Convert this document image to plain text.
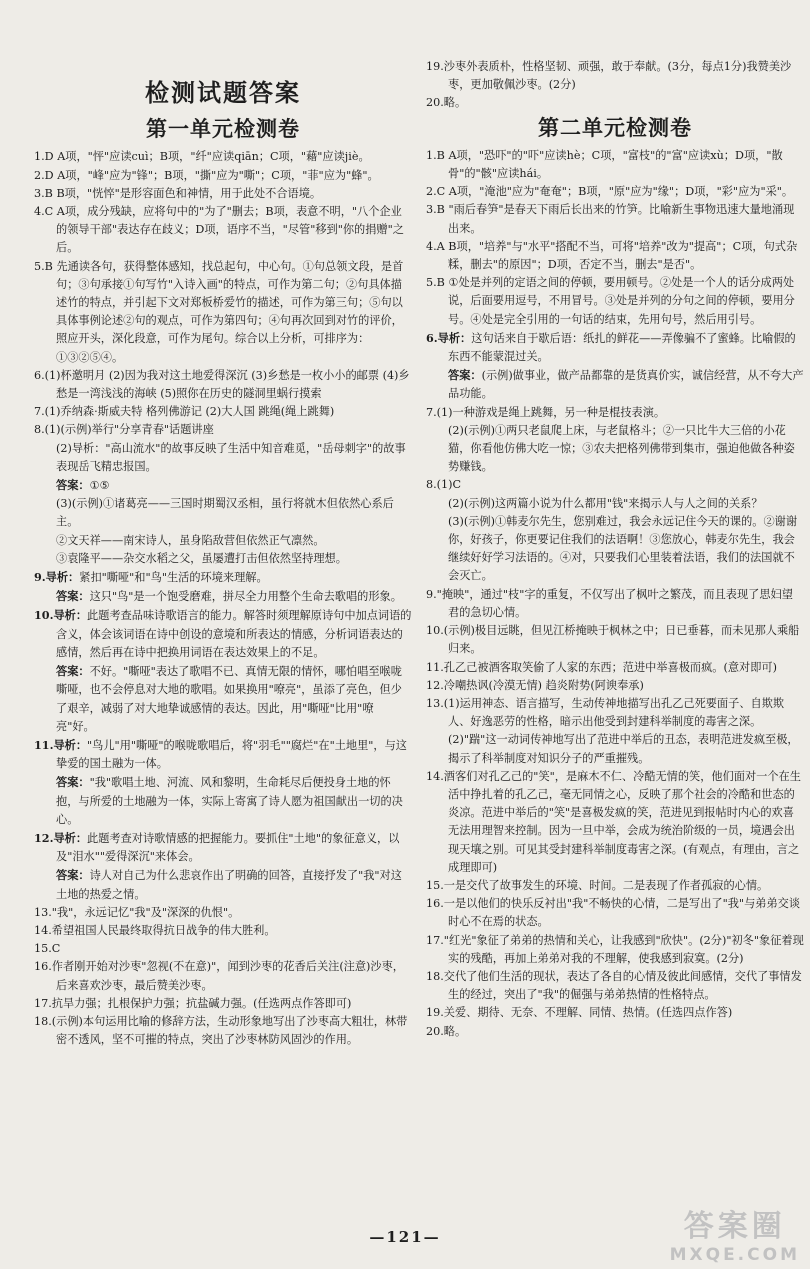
检测试题答案
第一单元检测卷

1.D A项，"怦"应读cuì；B项，"纤"应读qiān；C项，"藉"应读jiè。

2.D A项，"峰"应为"锋"；B项，"撕"应为"嘶"；C项，"菲"应为"蜂"。

3.B B项，"恍悴"是形容面色和神情，用于此处不合语境。

4.C A项，成分残缺，应将句中的"为了"删去；B项，表意不明，"八个企业的领导干部"表达存在歧义；D项，语序不当，"尽管"移到"你的捐赠"之后。

5.B 先通读各句，获得整体感知，找总起句，中心句。①句总领文段，是首句；③句承接①句写竹"入诗入画"的特点，可作为第二句；②句具体描述竹的特点，并引起下文对郑板桥爱竹的描述，可作为第三句；⑤句以具体事例论述②句的观点，可作为第四句；④句再次回到对竹的评价，照应开头，深化段意，可作为尾句。综合以上分析，可排序为：①③②⑤④。

6.(1)杯邀明月 (2)因为我对这土地爱得深沉 (3)乡愁是一枚小小的邮票 (4)乡愁是一湾浅浅的海峡 (5)照你在历史的隧洞里蜗行摸索

7.(1)乔纳森·斯威夫特 格列佛游记 (2)大人国 跳绳(绳上跳舞)

8.(1)(示例)举行"分享青春"话题讲座

(2)导析："高山流水"的故事反映了生活中知音难觅，"岳母刺字"的故事表现岳飞精忠报国。

答案：①⑤

(3)(示例)①诸葛亮——三国时期蜀汉丞相，虽行将就木但依然心系后主。

②文天祥——南宋诗人，虽身陷敌营但依然正气凛然。

③袁隆平——杂交水稻之父，虽屡遭打击但依然坚持理想。

9.导析：紧扣"嘶哑"和"鸟"生活的环境来理解。

答案：这只"鸟"是一个饱受磨难，拼尽全力用整个生命去歌唱的形象。

10.导析：此题考查品味诗歌语言的能力。解答时须理解原诗句中加点词语的含义，体会该词语在诗中创设的意境和所表达的情感，分析词语表达的感情，然后再在诗中把换用词语在表达效果上的不足。

答案：不好。"嘶哑"表达了歌唱不已、真情无限的情怀，哪怕唱至喉咙嘶哑，也不会停息对大地的歌唱。如果换用"嘹亮"，虽添了亮色，但少了艰辛，减弱了对大地挚诚感情的表达。因此，用"嘶哑"比用"嘹亮"好。

11.导析："鸟儿"用"嘶哑"的喉咙歌唱后，将"羽毛""腐烂"在"土地里"，与这挚爱的国土融为一体。

答案："我"歌唱土地、河流、风和黎明，生命耗尽后便投身土地的怀抱，与所爱的土地融为一体，实际上寄寓了诗人愿为祖国献出一切的决心。

12.导析：此题考查对诗歌情感的把握能力。要抓住"土地"的象征意义，以及"泪水""爱得深沉"来体会。

答案：诗人对自己为什么悲哀作出了明确的回答，直接抒发了"我"对这土地的热爱之情。

13."我"，永远记忆"我"及"深深的仇恨"。

14.希望祖国人民最终取得抗日战争的伟大胜利。

15.C

16.作者刚开始对沙枣"忽视(不在意)"，闻到沙枣的花香后关注(注意)沙枣，后来喜欢沙枣，最后赞美沙枣。

17.抗旱力强；扎根保护力强；抗盐碱力强。(任选两点作答即可)

18.(示例)本句运用比喻的修辞方法，生动形象地写出了沙枣高大粗壮，林带密不透风，坚不可摧的特点，突出了沙枣林防风固沙的作用。

19.沙枣外表质朴，性格坚韧、顽强，敢于奉献。(3分，每点1分)我赞美沙枣，更加敬佩沙枣。(2分)

20.略。

第二单元检测卷

1.B A项，"恐吓"的"吓"应读hè；C项，"富枝"的"富"应读xù；D项，"散骨"的"骸"应读hái。

2.C A项，"淹池"应为"奄奄"；B项，"原"应为"缘"；D项，"彩"应为"采"。

3.B "雨后春笋"是春天下雨后长出来的竹笋。比喻新生事物迅速大量地涌现出来。

4.A B项，"培养"与"水平"搭配不当，可将"培养"改为"提高"；C项，句式杂糅，删去"的原因"；D项，否定不当，删去"是否"。

5.B ①处是并列的定语之间的停顿，要用顿号。②处是一个人的话分成两处说，后面要用逗号，不用冒号。③处是并列的分句之间的停顿，要用分号。④处是完全引用的一句话的结束，先用句号，然后用引号。

6.导析：这句话来自于歇后语：纸扎的鲜花——弄像骗不了蜜蜂。比喻假的东西不能蒙混过关。

答案：(示例)做事业，做产品都靠的是货真价实，诚信经营，从不夸大产品功能。

7.(1)一种游戏是绳上跳舞，另一种是棍技表演。

(2)(示例)①两只老鼠爬上床，与老鼠格斗；②一只比牛大三倍的小花猫，你看他仿佛大吃一惊；③农夫把格列佛带到集市，强迫他做各种姿势赚钱。

8.(1)C

(2)(示例)这两篇小说为什么都用"钱"来揭示人与人之间的关系？

(3)(示例)①韩麦尔先生，您别难过，我会永远记住今天的课的。②谢谢你，好孩子，你更要记住我们的法语啊！③您放心，韩麦尔先生，我会继续好好学习法语的。④对，只要我们心里装着法语，我们的法国就不会灭亡。

9."掩映"，通过"枝"字的重复，不仅写出了枫叶之繁茂，而且表现了思妇望君的急切心情。

10.(示例)极目远眺，但见江桥掩映于枫林之中；日已垂暮，而未见那人乘船归来。

11.孔乙己被酒客取笑偷了人家的东西；范进中举喜极而疯。(意对即可)

12.冷嘲热讽(冷漠无情) 趋炎附势(阿谀奉承)

13.(1)运用神态、语言描写，生动传神地描写出孔乙己死要面子、自欺欺人、好逸恶劳的性格，暗示出他受到封建科举制度的毒害之深。

(2)"踹"这一动词传神地写出了范进中举后的丑态，表明范进发疯至极，揭示了科举制度对知识分子的严重摧残。

14.酒客们对孔乙己的"笑"，是麻木不仁、冷酷无情的笑，他们面对一个在生活中挣扎着的孔乙己，毫无同情之心，反映了那个社会的冷酷和世态的炎凉。范进中举后的"笑"是喜极发疯的笑，范进见到报帖时内心的欢喜无法用理智来控制。因为一旦中举，会成为统治阶级的一员，境遇会出现天壤之别。可见其受封建科举制度毒害之深。(有观点，有理由，言之成理即可)

15.一是交代了故事发生的环境、时间。二是表现了作者孤寂的心情。

16.一是以他们的快乐反衬出"我"不畅快的心情，二是写出了"我"与弟弟交谈时心不在焉的状态。

17."红光"象征了弟弟的热情和关心，让我感到"欣快"。(2分)"初冬"象征着现实的残酷，再加上弟弟对我的不理解，使我感到寂寞。(2分)

18.交代了他们生活的现状，表达了各自的心情及彼此间感情，交代了事情发生的经过，突出了"我"的倔强与弟弟热情的性格特点。

19.关爱、期待、无奈、不理解、同情、热情。(任选四点作答)

20.略。

—121—	答案圈
MXQE.COM
